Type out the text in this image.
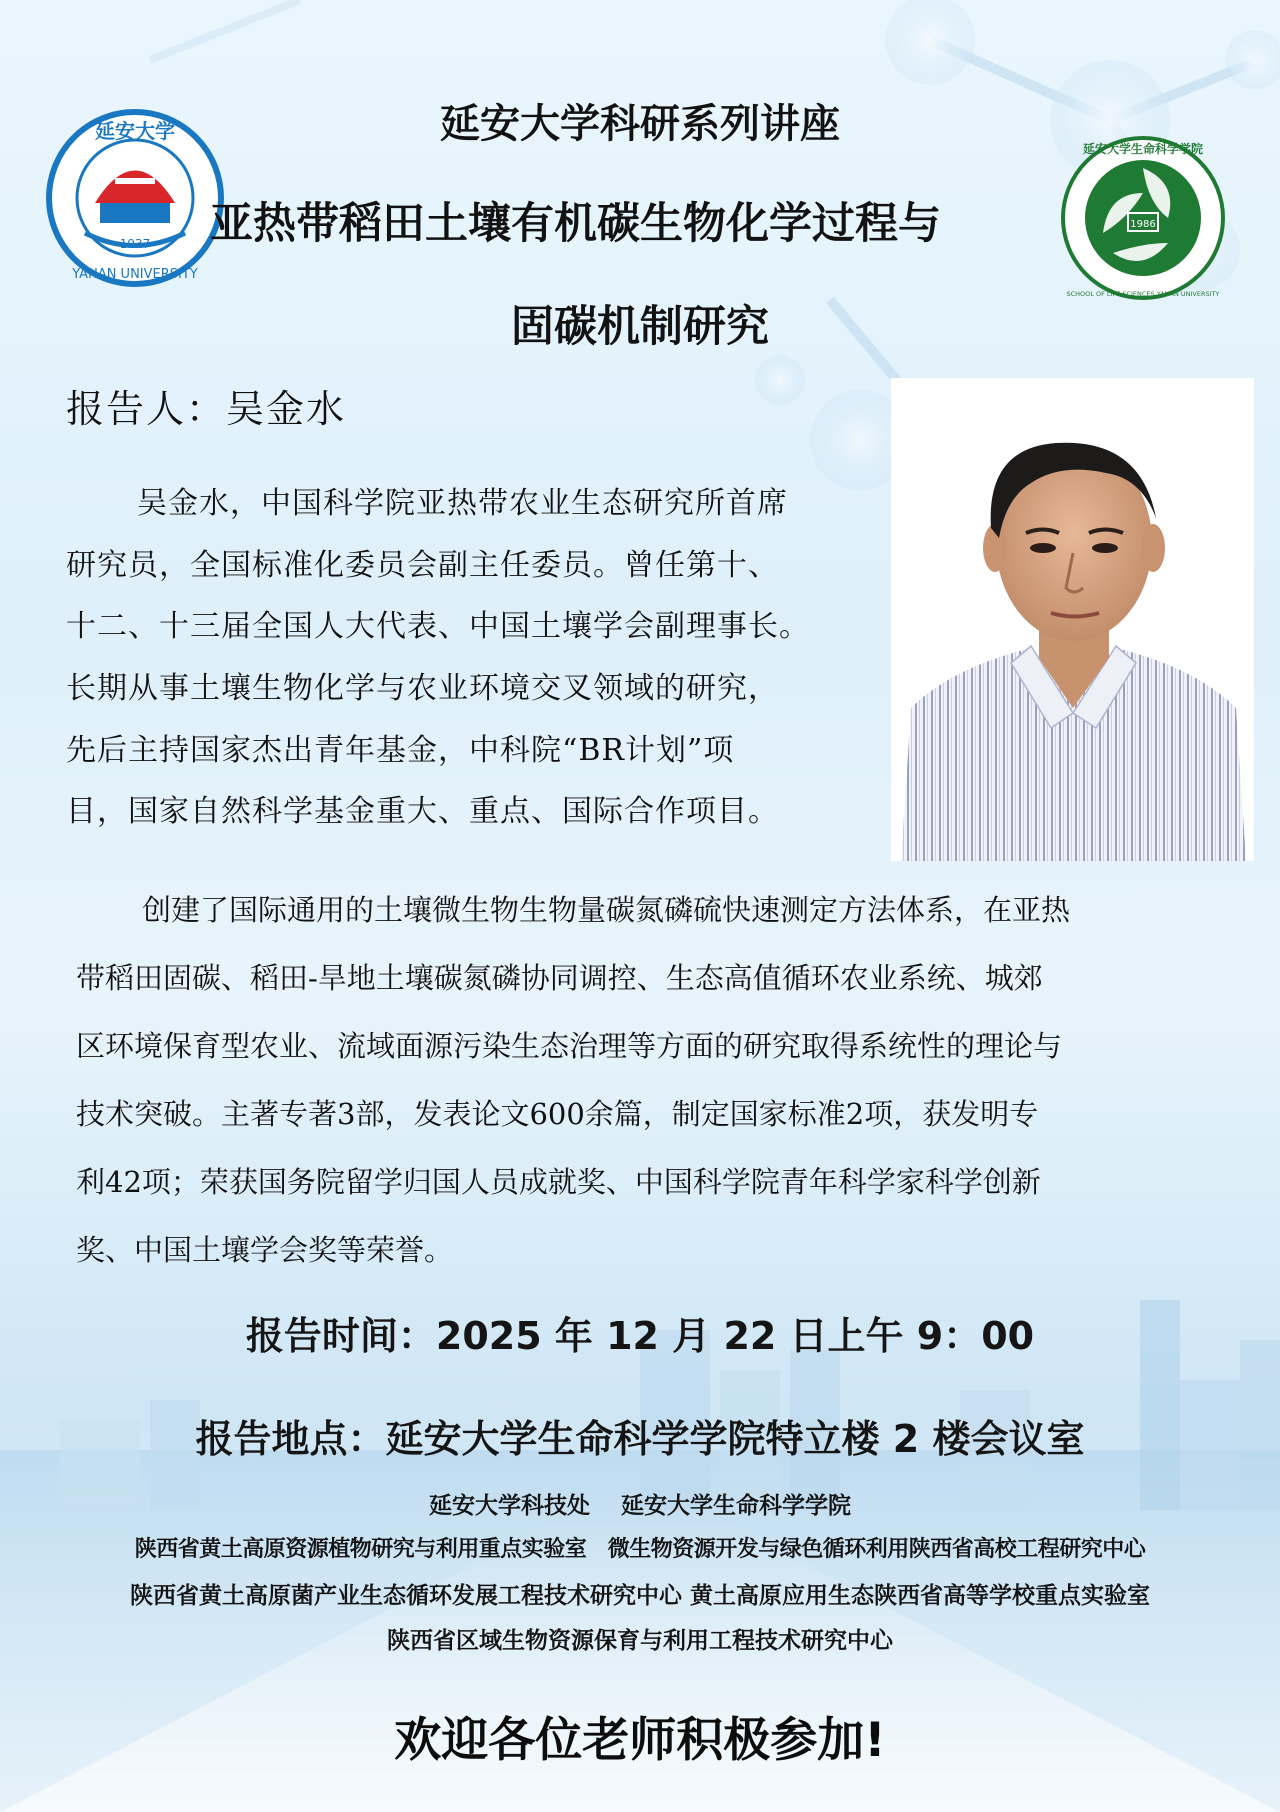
1937
延安大学
YANAN UNIVERSITY
1986
延安大学生命科学学院
SCHOOL OF LIFE SCIENCES YANAN UNIVERSITY
延安大学科研系列讲座
亚热带稻田土壤有机碳生物化学过程与
固碳机制研究
报告人：吴金水
吴金水，中国科学院亚热带农业生态研究所首席
研究员，全国标准化委员会副主任委员。曾任第十、
十二、十三届全国人大代表、中国土壤学会副理事长。
长期从事土壤生物化学与农业环境交叉领域的研究，
先后主持国家杰出青年基金，中科院“BR计划”项
目，国家自然科学基金重大、重点、国际合作项目。
创建了国际通用的土壤微生物生物量碳氮磷硫快速测定方法体系，在亚热
带稻田固碳、稻田-旱地土壤碳氮磷协同调控、生态高值循环农业系统、城郊
区环境保育型农业、流域面源污染生态治理等方面的研究取得系统性的理论与
技术突破。主著专著3部，发表论文600余篇，制定国家标准2项，获发明专
利42项；荣获国务院留学归国人员成就奖、中国科学院青年科学家科学创新
奖、中国土壤学会奖等荣誉。
报告时间：2025 年 12 月 22 日上午 9：00
报告地点：延安大学生命科学学院特立楼 2 楼会议室
延安大学科技处　 延安大学生命科学学院
陕西省黄土高原资源植物研究与利用重点实验室　微生物资源开发与绿色循环利用陕西省高校工程研究中心
陕西省黄土高原菌产业生态循环发展工程技术研究中心 黄土高原应用生态陕西省高等学校重点实验室
陕西省区域生物资源保育与利用工程技术研究中心
欢迎各位老师积极参加!
